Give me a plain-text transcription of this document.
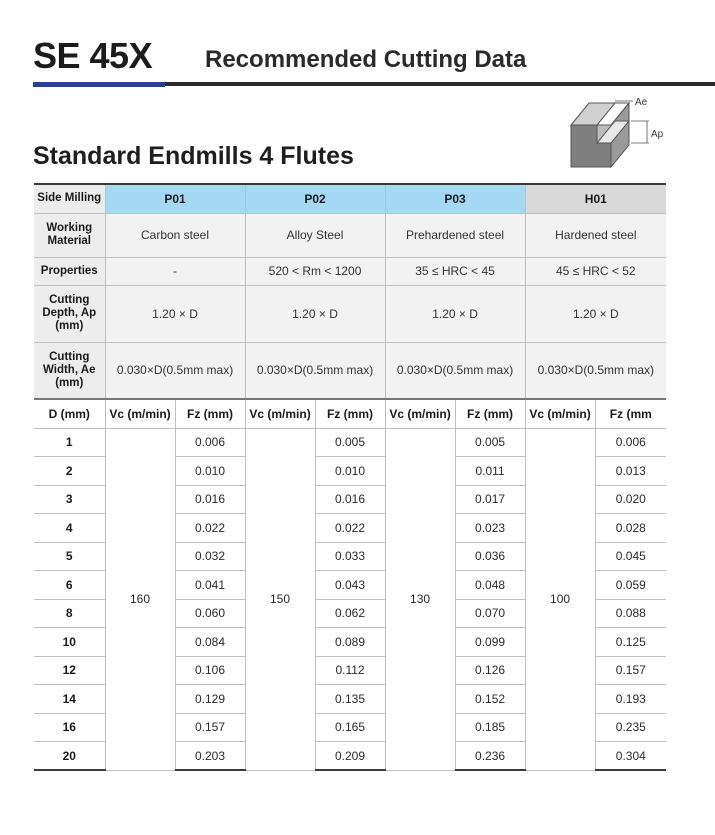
SE 45X Recommended Cutting Data
Ae
Ap
Standard Endmills 4 Flutes
Side Milling	P01		P02		P03		H01	
Working Material	Carbon steel		Alloy Steel		Prehardened steel		Hardened steel	
Properties	-		520 < Rm < 1200		35 ≤ HRC < 45		45 ≤ HRC < 52	
Cutting Depth, Ap (mm)	1.20 × D		1.20 × D		1.20 × D		1.20 × D	
Cutting Width, Ae (mm)	0.030×D(0.5mm max)		0.030×D(0.5mm max)		0.030×D(0.5mm max)		0.030×D(0.5mm max)	
D (mm)	Vc (m/min)	Fz (mm)	Vc (m/min)	Fz (mm)	Vc (m/min)	Fz (mm)	Vc (m/min)	Fz (mm
1	160	0.006	150	0.005	130	0.005	100	0.006
2		0.010		0.010		0.011		0.013
3		0.016		0.016		0.017		0.020
4		0.022		0.022		0.023		0.028
5		0.032		0.033		0.036		0.045
6		0.041		0.043		0.048		0.059
8		0.060		0.062		0.070		0.088
10		0.084		0.089		0.099		0.125
12		0.106		0.112		0.126		0.157
14		0.129		0.135		0.152		0.193
16		0.157		0.165		0.185		0.235
20		0.203		0.209		0.236		0.304
